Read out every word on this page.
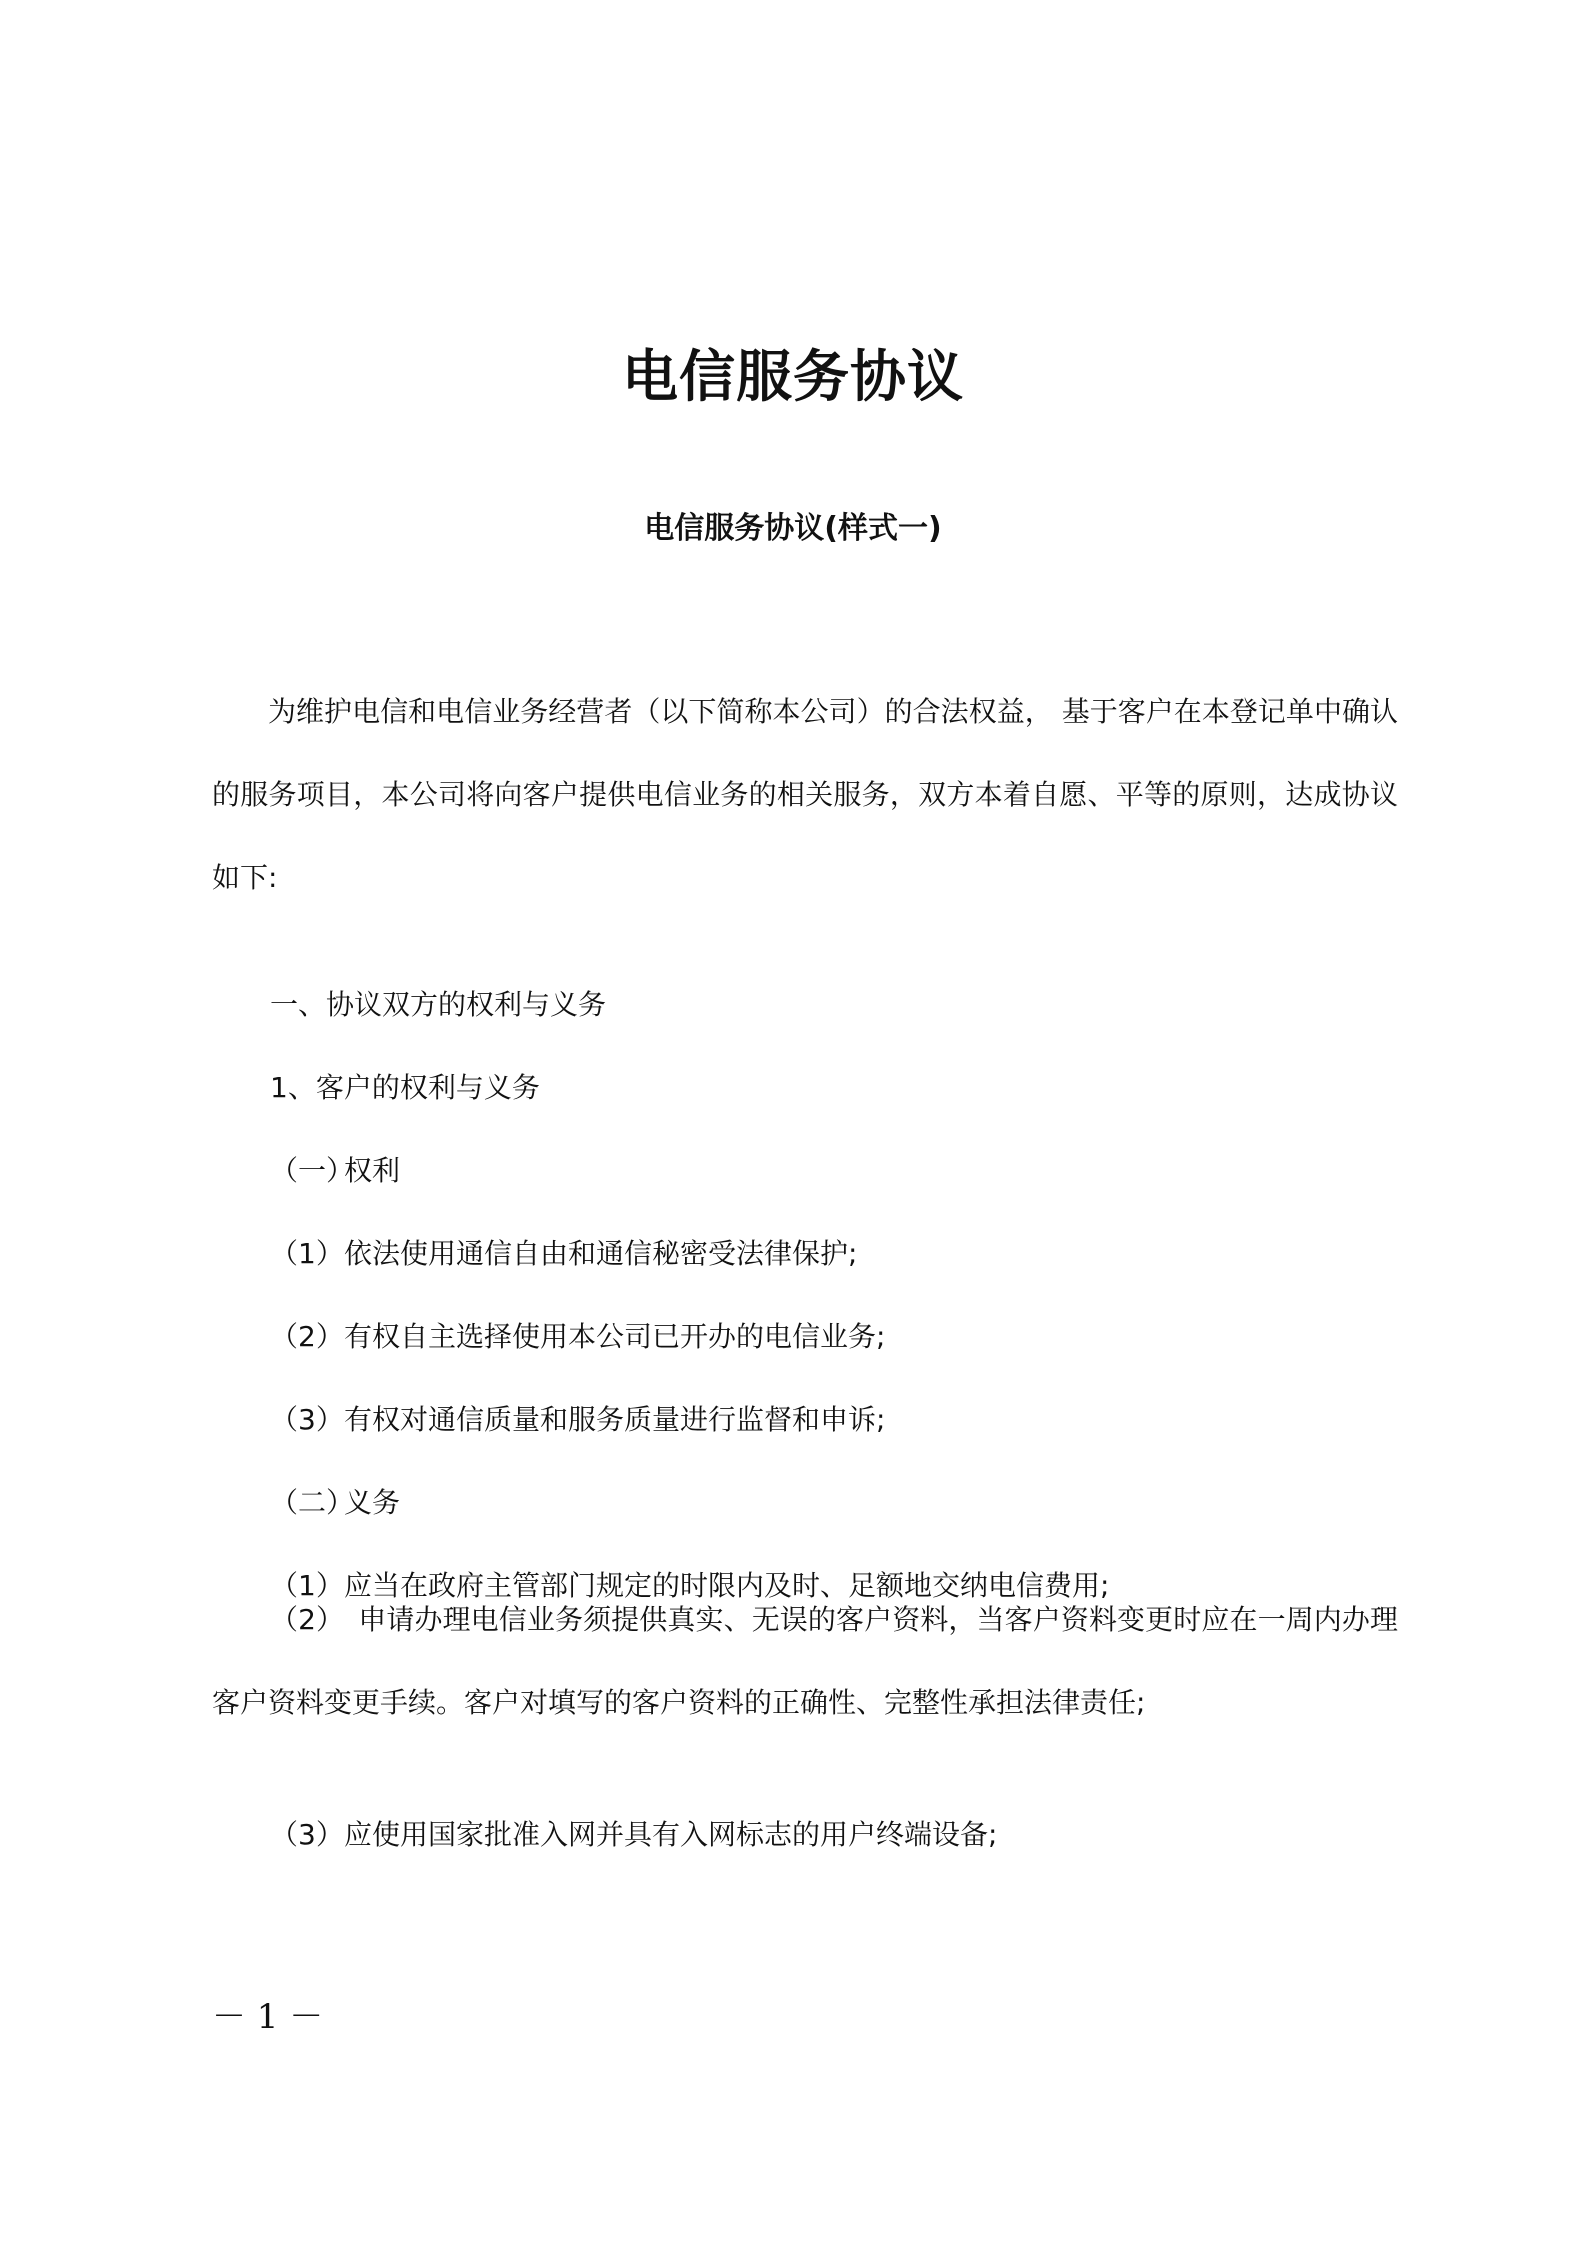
电信服务协议
电信服务协议(样式一)

为维护电信和电信业务经营者（以下简称本公司）的合法权益， 基于客户在本登记单中确认的服务项目，本公司将向客户提供电信业务的相关服务，双方本着自愿、平等的原则，达成协议如下:

一、协议双方的权利与义务

1、客户的权利与义务

（一）权利

（1）依法使用通信自由和通信秘密受法律保护;

（2）有权自主选择使用本公司已开办的电信业务;

（3）有权对通信质量和服务质量进行监督和申诉;

（二）义务

（1）应当在政府主管部门规定的时限内及时、足额地交纳电信费用;

（2） 申请办理电信业务须提供真实、无误的客户资料，当客户资料变更时应在一周内办理客户资料变更手续。客户对填写的客户资料的正确性、完整性承担法律责任;

（3）应使用国家批准入网并具有入网标志的用户终端设备;

－ 1 －
